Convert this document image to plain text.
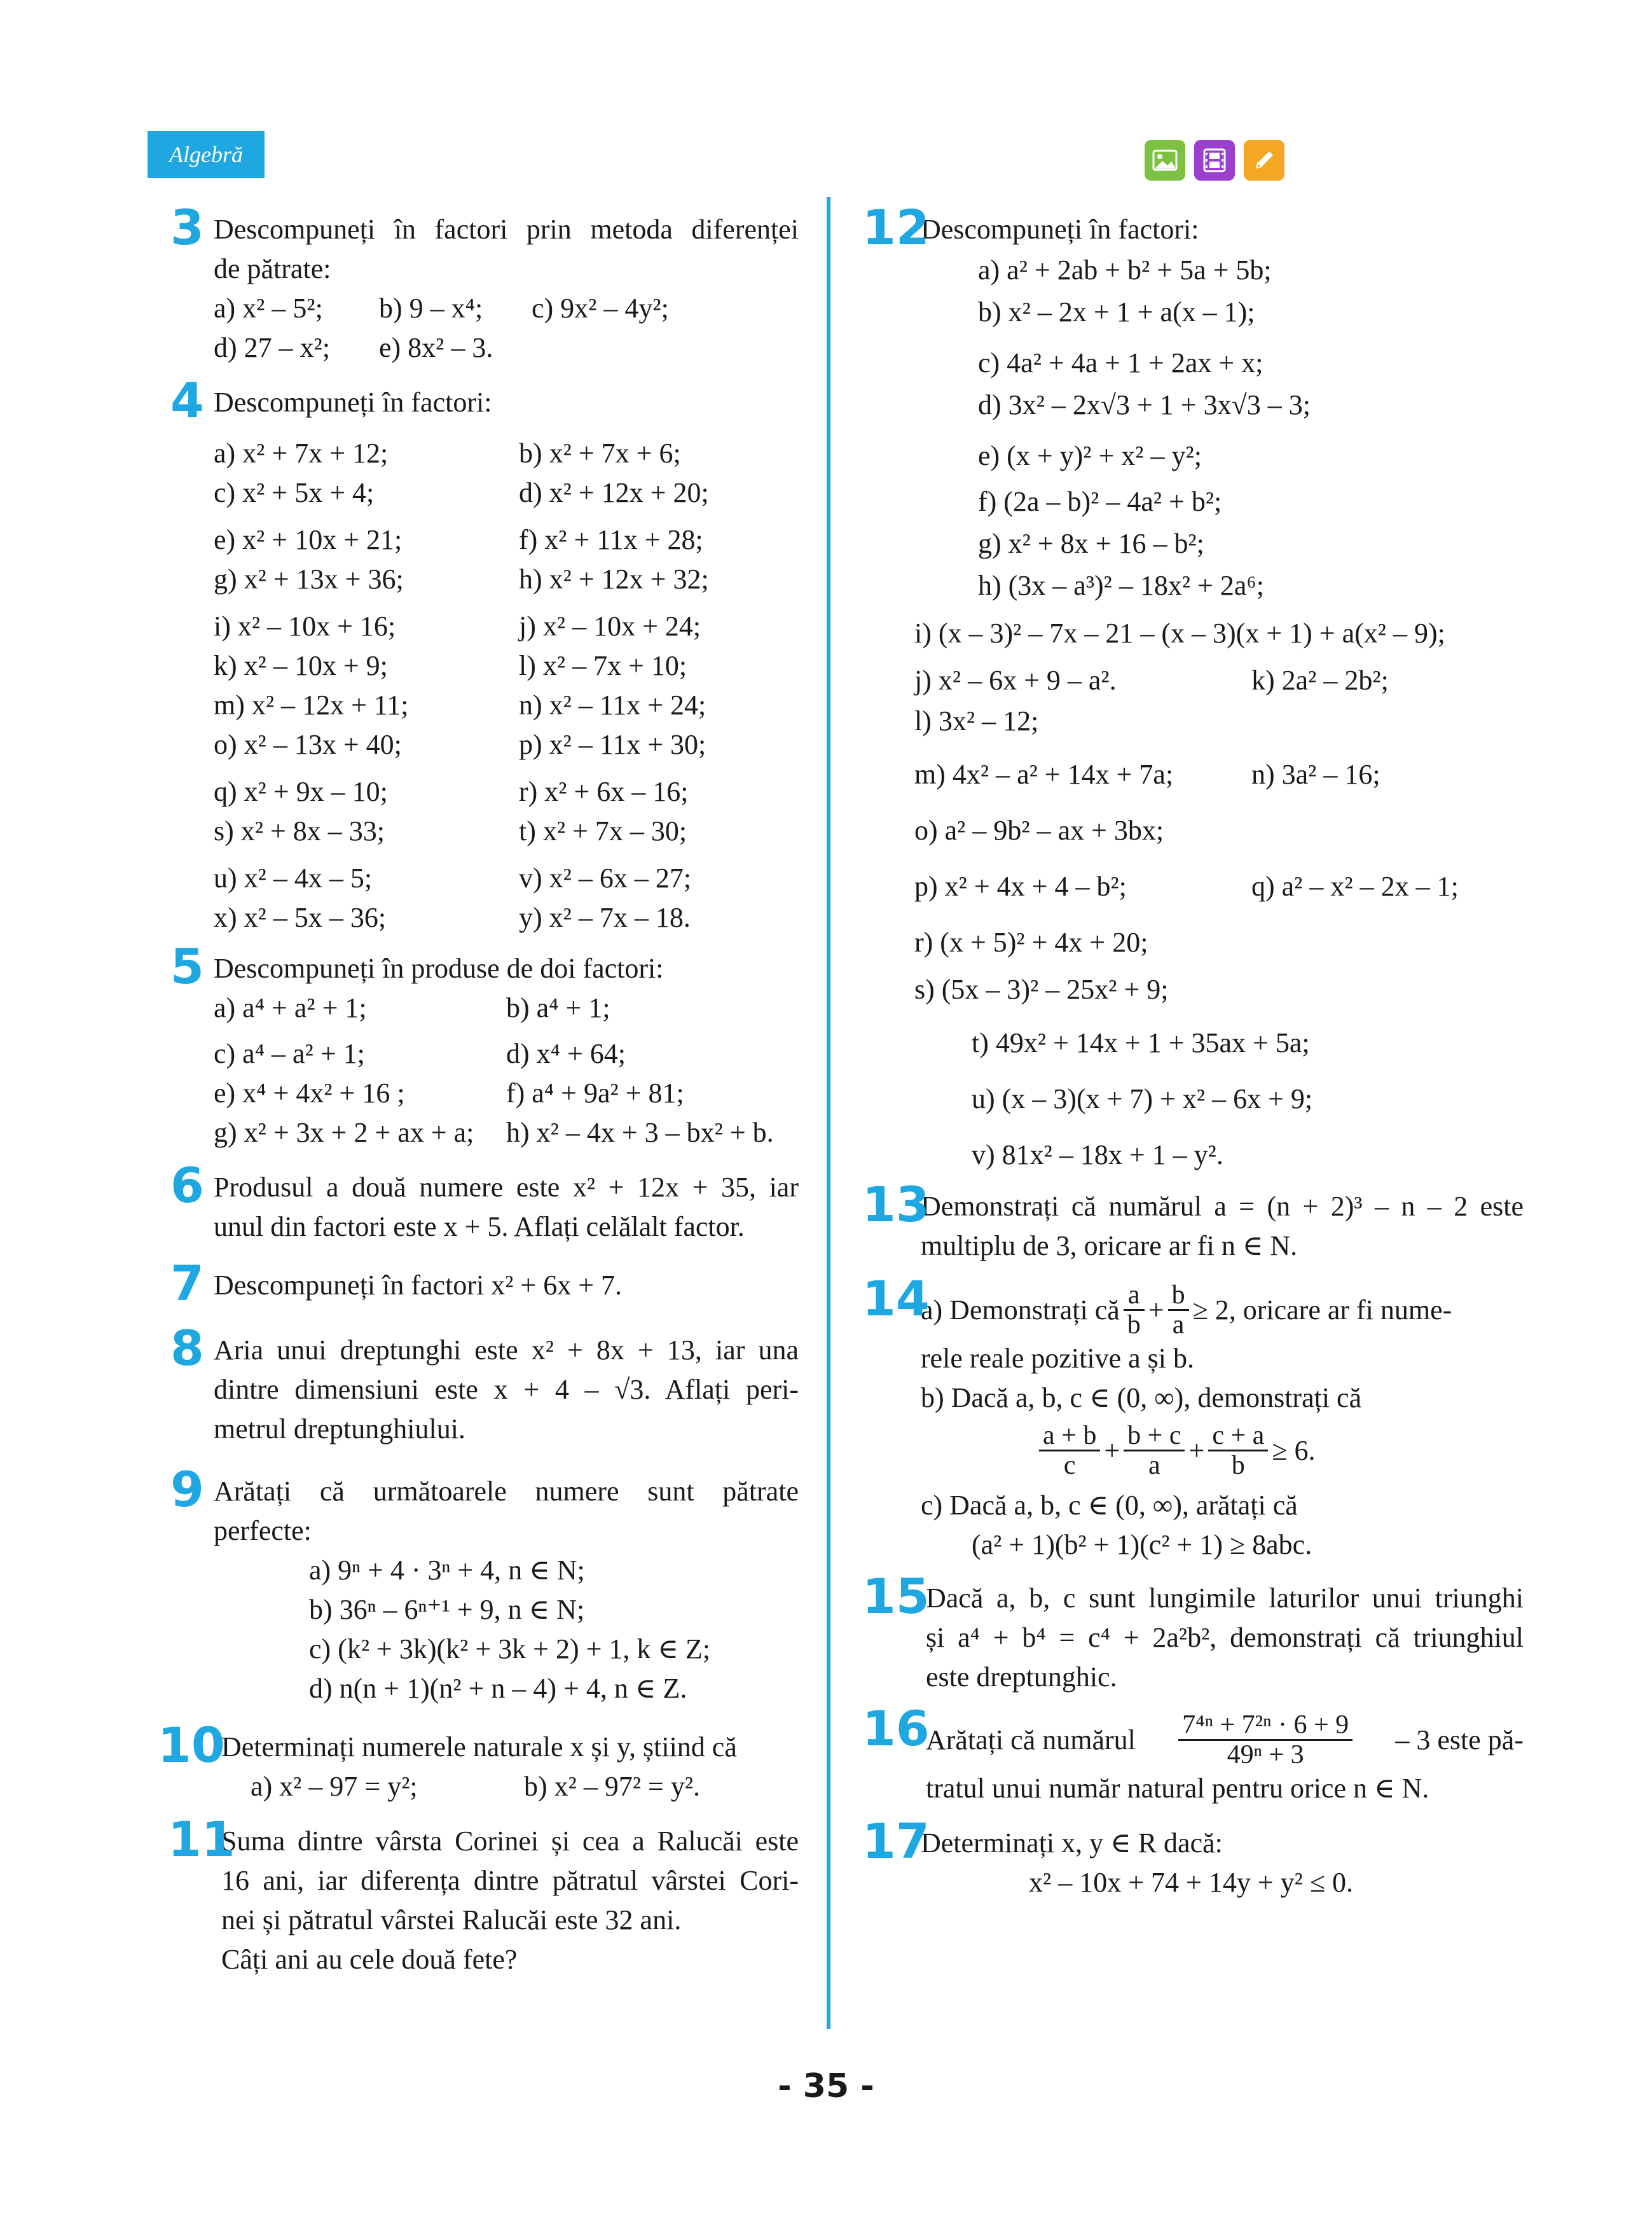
Algebră
3 Descompuneți în factori prin metoda diferenței
de pătrate:
a) x² – 5²;	b) 9 – x⁴;	c) 9x² – 4y²;
d) 27 – x²;	e) 8x² – 3.
4 Descompuneți în factori:
a) x² + 7x + 12;	b) x² + 7x + 6;
c) x² + 5x + 4;	d) x² + 12x + 20;
e) x² + 10x + 21;	f) x² + 11x + 28;
g) x² + 13x + 36;	h) x² + 12x + 32;
i) x² – 10x + 16;	j) x² – 10x + 24;
k) x² – 10x + 9;	l) x² – 7x + 10;
m) x² – 12x + 11;	n) x² – 11x + 24;
o) x² – 13x + 40;	p) x² – 11x + 30;
q) x² + 9x – 10;	r) x² + 6x – 16;
s) x² + 8x – 33;	t) x² + 7x – 30;
u) x² – 4x – 5;	v) x² – 6x – 27;
x) x² – 5x – 36;	y) x² – 7x – 18.
5 Descompuneți în produse de doi factori:
a) a⁴ + a² + 1;	b) a⁴ + 1;
c) a⁴ – a² + 1;	d) x⁴ + 64;
e) x⁴ + 4x² + 16 ;	f) a⁴ + 9a² + 81;
g) x² + 3x + 2 + ax + a;	h) x² – 4x + 3 – bx² + b.
6 Produsul a două numere este x² + 12x + 35, iar
unul din factori este x + 5. Aflați celălalt factor.
7 Descompuneți în factori x² + 6x + 7.
8 Aria unui dreptunghi este x² + 8x + 13, iar una
dintre dimensiuni este x + 4 – √3. Aflați peri-
metrul dreptunghiului.
9 Arătați că următoarele numere sunt pătrate
perfecte:
a) 9ⁿ + 4 · 3ⁿ + 4, n ∈ N;
b) 36ⁿ – 6ⁿ⁺¹ + 9, n ∈ N;
c) (k² + 3k)(k² + 3k + 2) + 1, k ∈ Z;
d) n(n + 1)(n² + n – 4) + 4, n ∈ Z.
10
Determinați numerele naturale x și y, știind că
a) x² – 97 = y²;	b) x² – 97² = y².
11
Suma dintre vârsta Corinei și cea a Ralucăi este
16 ani, iar diferența dintre pătratul vârstei Cori-
nei și pătratul vârstei Ralucăi este 32 ani.
Câți ani au cele două fete?
12
Descompuneți în factori:
a) a² + 2ab + b² + 5a + 5b;
b) x² – 2x + 1 + a(x – 1);
c) 4a² + 4a + 1 + 2ax + x;
d) 3x² – 2x√3 + 1 + 3x√3 – 3;
e) (x + y)² + x² – y²;
f) (2a – b)² – 4a² + b²;
g) x² + 8x + 16 – b²;
h) (3x – a³)² – 18x² + 2a⁶;
i) (x – 3)² – 7x – 21 – (x – 3)(x + 1) + a(x² – 9);
j) x² – 6x + 9 – a².	k) 2a² – 2b²;
l) 3x² – 12;
m) 4x² – a² + 14x + 7a;	n) 3a² – 16;
o) a² – 9b² – ax + 3bx;
p) x² + 4x + 4 – b²;	q) a² – x² – 2x – 1;
r) (x + 5)² + 4x + 20;
s) (5x – 3)² – 25x² + 9;
t) 49x² + 14x + 1 + 35ax + 5a;
u) (x – 3)(x + 7) + x² – 6x + 9;
v) 81x² – 18x + 1 – y².
13
Demonstrați că numărul a = (n + 2)³ – n – 2 este
multiplu de 3, oricare ar fi n ∈ N.
14
a) Demonstrați că $\frac{a}{b} + \frac{b}{a} \ge 2$, oricare ar fi nume-
rele reale pozitive a și b.
b) Dacă a, b, c ∈ (0, ∞), demonstrați că
$\frac{a + b}{c} + \frac{b + c}{a} + \frac{c + a}{b} \ge 6$.
c) Dacă a, b, c ∈ (0, ∞), arătați că
(a² + 1)(b² + 1)(c² + 1) ≥ 8abc.
15
Dacă a, b, c sunt lungimile laturilor unui triunghi
și a⁴ + b⁴ = c⁴ + 2a²b², demonstrați că triunghiul
este dreptunghic.
16
Arătați că numărul $\frac{\text{7⁴ⁿ + 7²ⁿ · 6 + 9}}{\text{49ⁿ + 3}} - 3$ este pă-
tratul unui număr natural pentru orice n ∈ N.
17
Determinați x, y ∈ R dacă:
x² – 10x + 74 + 14y + y² ≤ 0.
- 35 -
